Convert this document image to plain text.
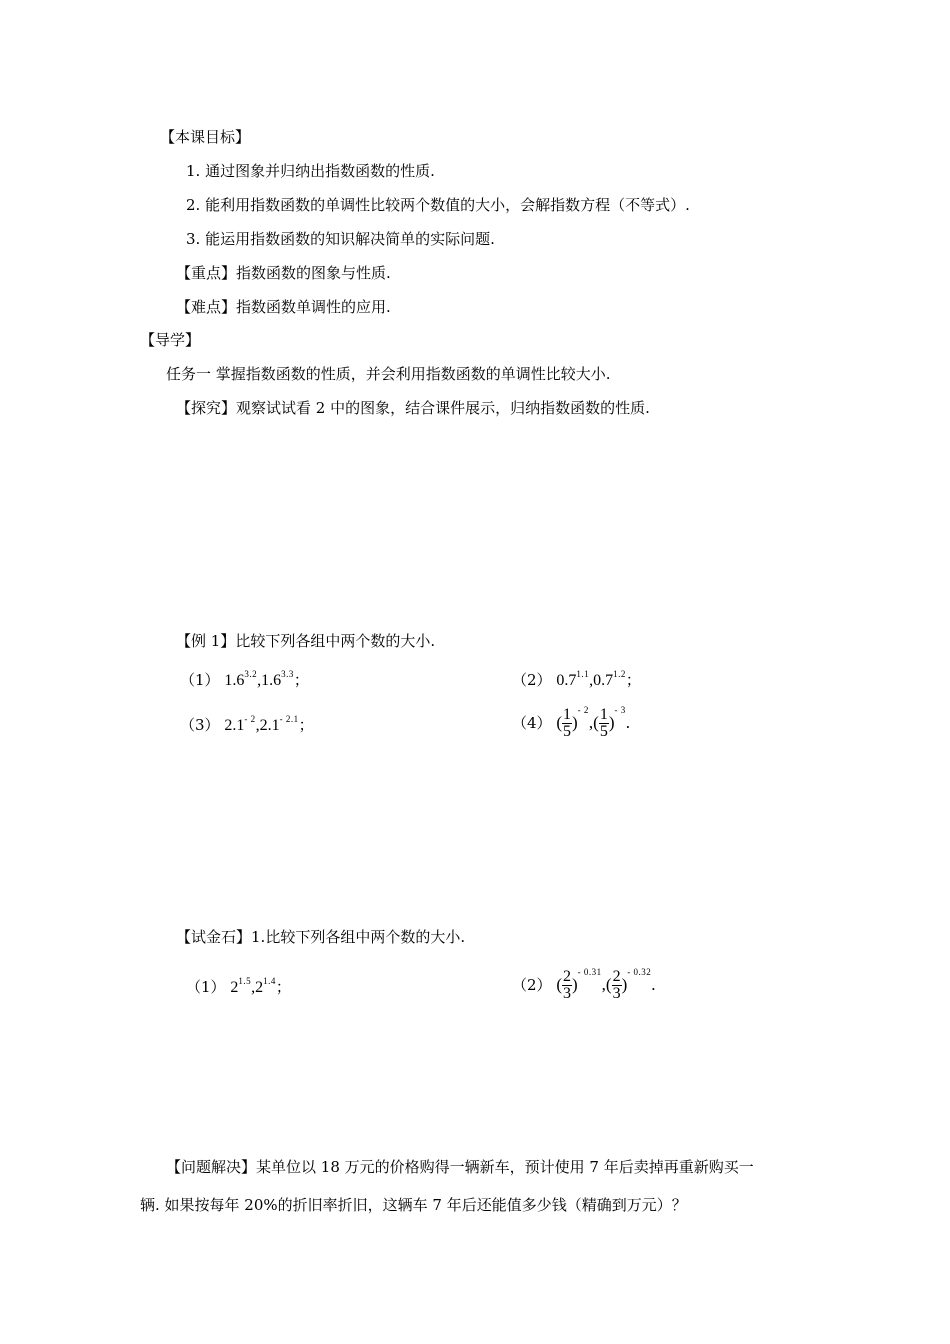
【本课目标】
1. 通过图象并归纳出指数函数的性质.
2. 能利用指数函数的单调性比较两个数值的大小，会解指数方程（不等式）.
3. 能运用指数函数的知识解决简单的实际问题.
【重点】指数函数的图象与性质.
【难点】指数函数单调性的应用.
【导学】
任务一 掌握指数函数的性质，并会利用指数函数的单调性比较大小.
【探究】观察试试看 2 中的图象，结合课件展示，归纳指数函数的性质.
【例 1】比较下列各组中两个数的大小.
（1） $1.6^{3.2},1.6^{3.3}$；	（2） $0.7^{1.1},0.7^{1.2}$；
（3） $2.1^{- 2},2.1^{- 2.1}$；	（4） ( $\frac{1}{5} )^{- 2},( \frac{1}{5} )^{- 3}$.
【试金石】1.比较下列各组中两个数的大小.
（1） $2^{1.5},2^{1.4}$；	（2） ( $\frac{2}{3} )^{- 0.31},( \frac{2}{3} )^{- 0.32}$.
【问题解决】某单位以 18 万元的价格购得一辆新车，预计使用 7 年后卖掉再重新购买一
辆. 如果按每年 20%的折旧率折旧，这辆车 7 年后还能值多少钱（精确到万元）？
